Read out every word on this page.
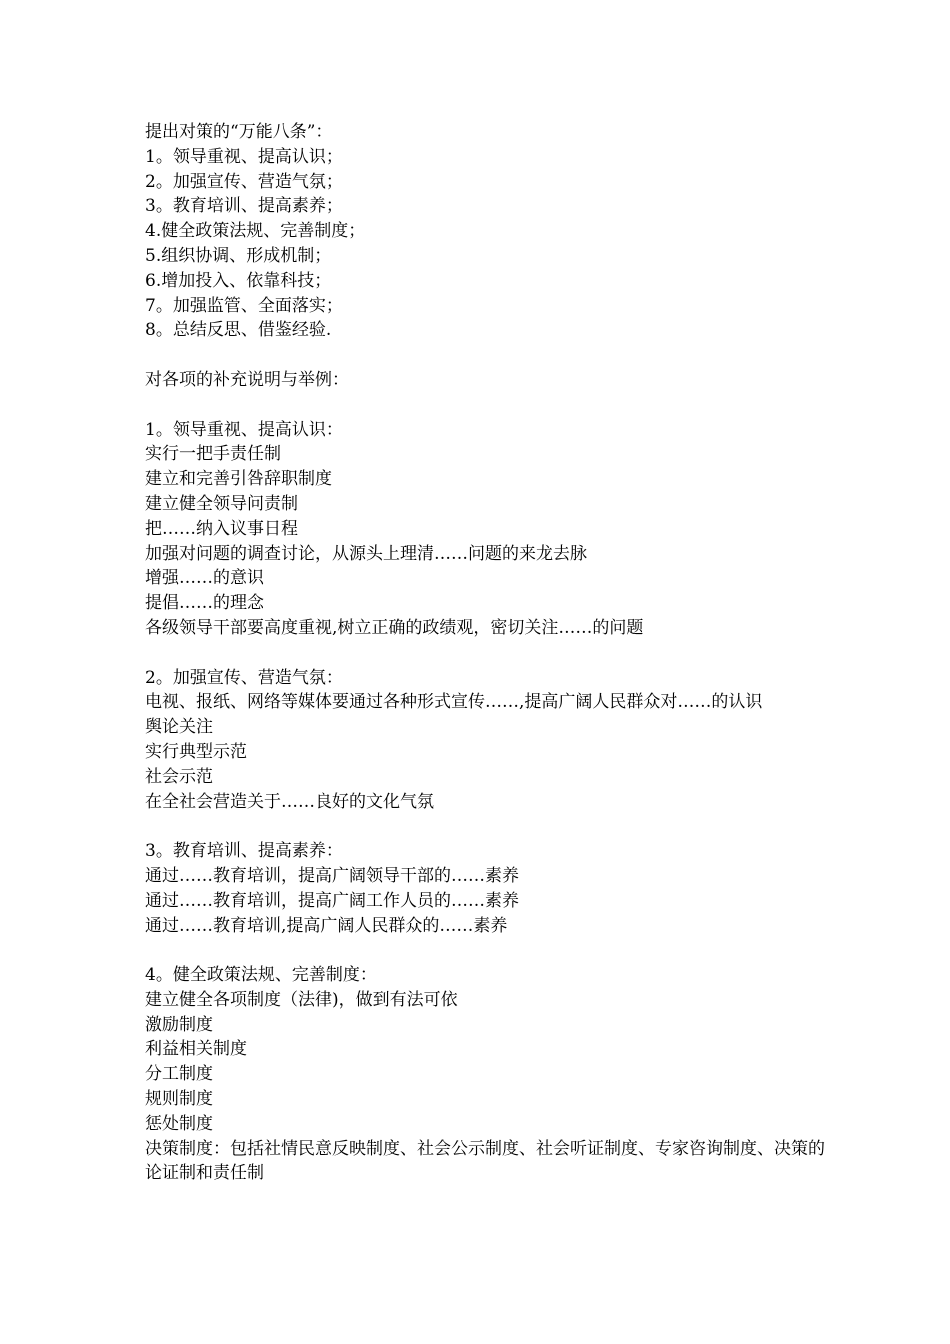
提出对策的“万能八条”：
1。领导重视、提高认识；
2。加强宣传、营造气氛；
3。教育培训、提高素养；
4.健全政策法规、完善制度；
5.组织协调、形成机制；
6.增加投入、依靠科技；
7。加强监管、全面落实；
8。总结反思、借鉴经验.
对各项的补充说明与举例：
1。领导重视、提高认识：
实行一把手责任制
建立和完善引咎辞职制度
建立健全领导问责制
把……纳入议事日程
加强对问题的调查讨论，从源头上理清……问题的来龙去脉
增强……的意识
提倡……的理念
各级领导干部要高度重视,树立正确的政绩观，密切关注……的问题
2。加强宣传、营造气氛：
电视、报纸、网络等媒体要通过各种形式宣传……,提高广阔人民群众对……的认识
舆论关注
实行典型示范
社会示范
在全社会营造关于……良好的文化气氛
3。教育培训、提高素养：
通过……教育培训，提高广阔领导干部的……素养
通过……教育培训，提高广阔工作人员的……素养
通过……教育培训,提高广阔人民群众的……素养
4。健全政策法规、完善制度：
建立健全各项制度（法律)，做到有法可依
激励制度
利益相关制度
分工制度
规则制度
惩处制度
决策制度：包括社情民意反映制度、社会公示制度、社会听证制度、专家咨询制度、决策的论证制和责任制
